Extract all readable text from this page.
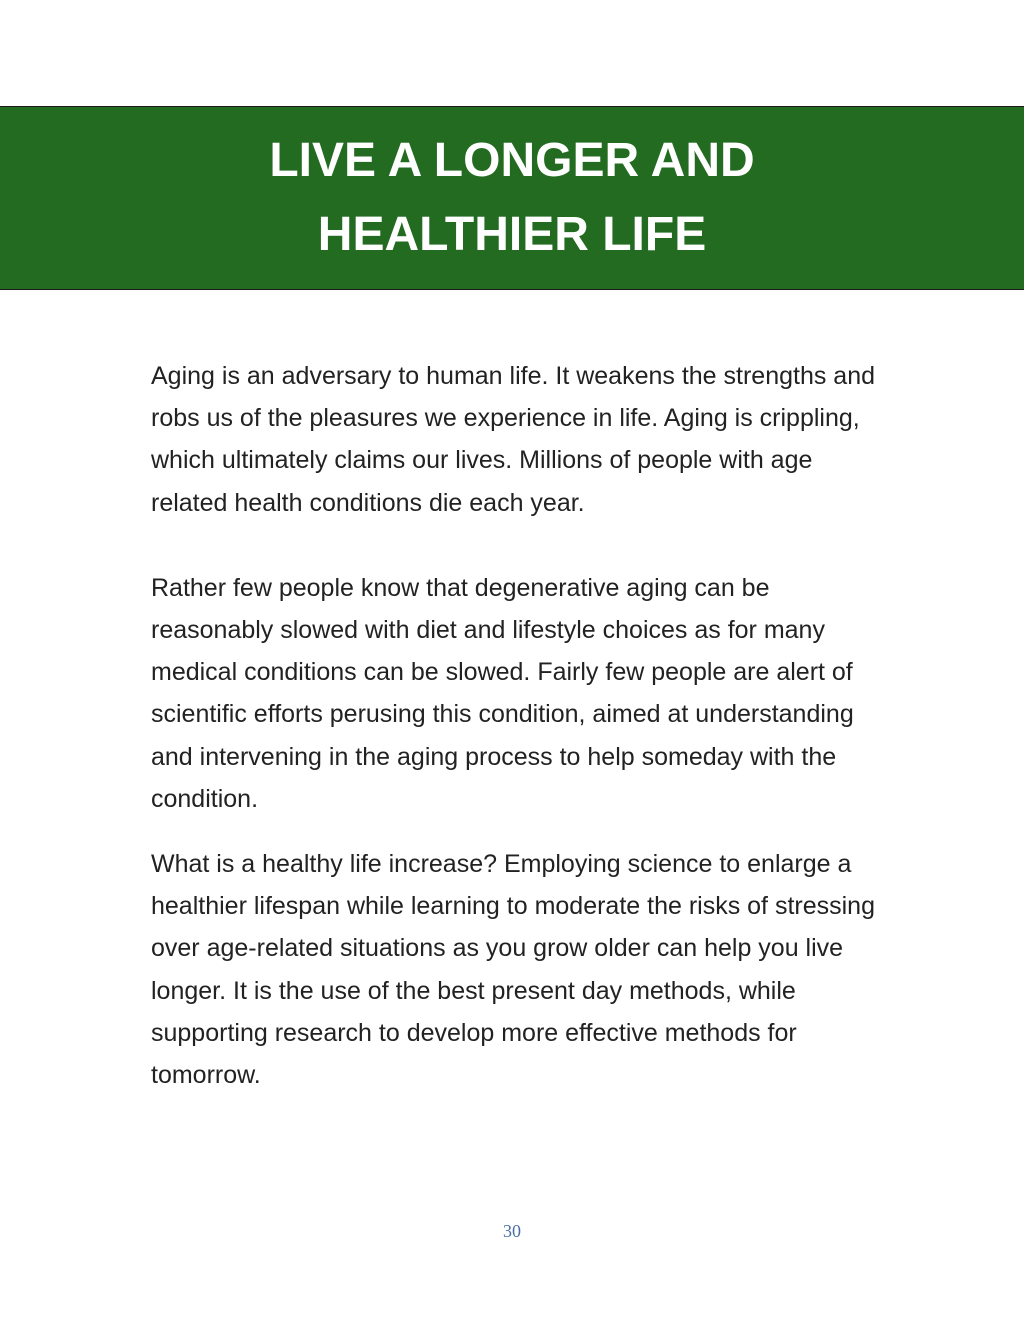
LIVE A LONGER AND HEALTHIER LIFE

Aging is an adversary to human life. It weakens the strengths and robs us of the pleasures we experience in life. Aging is crippling, which ultimately claims our lives. Millions of people with age related health conditions die each year.

Rather few people know that degenerative aging can be reasonably slowed with diet and lifestyle choices as for many medical conditions can be slowed. Fairly few people are alert of scientific efforts perusing this condition, aimed at understanding and intervening in the aging process to help someday with the condition.

What is a healthy life increase? Employing science to enlarge a healthier lifespan while learning to moderate the risks of stressing over age-related situations as you grow older can help you live longer. It is the use of the best present day methods, while supporting research to develop more effective methods for tomorrow.

30
